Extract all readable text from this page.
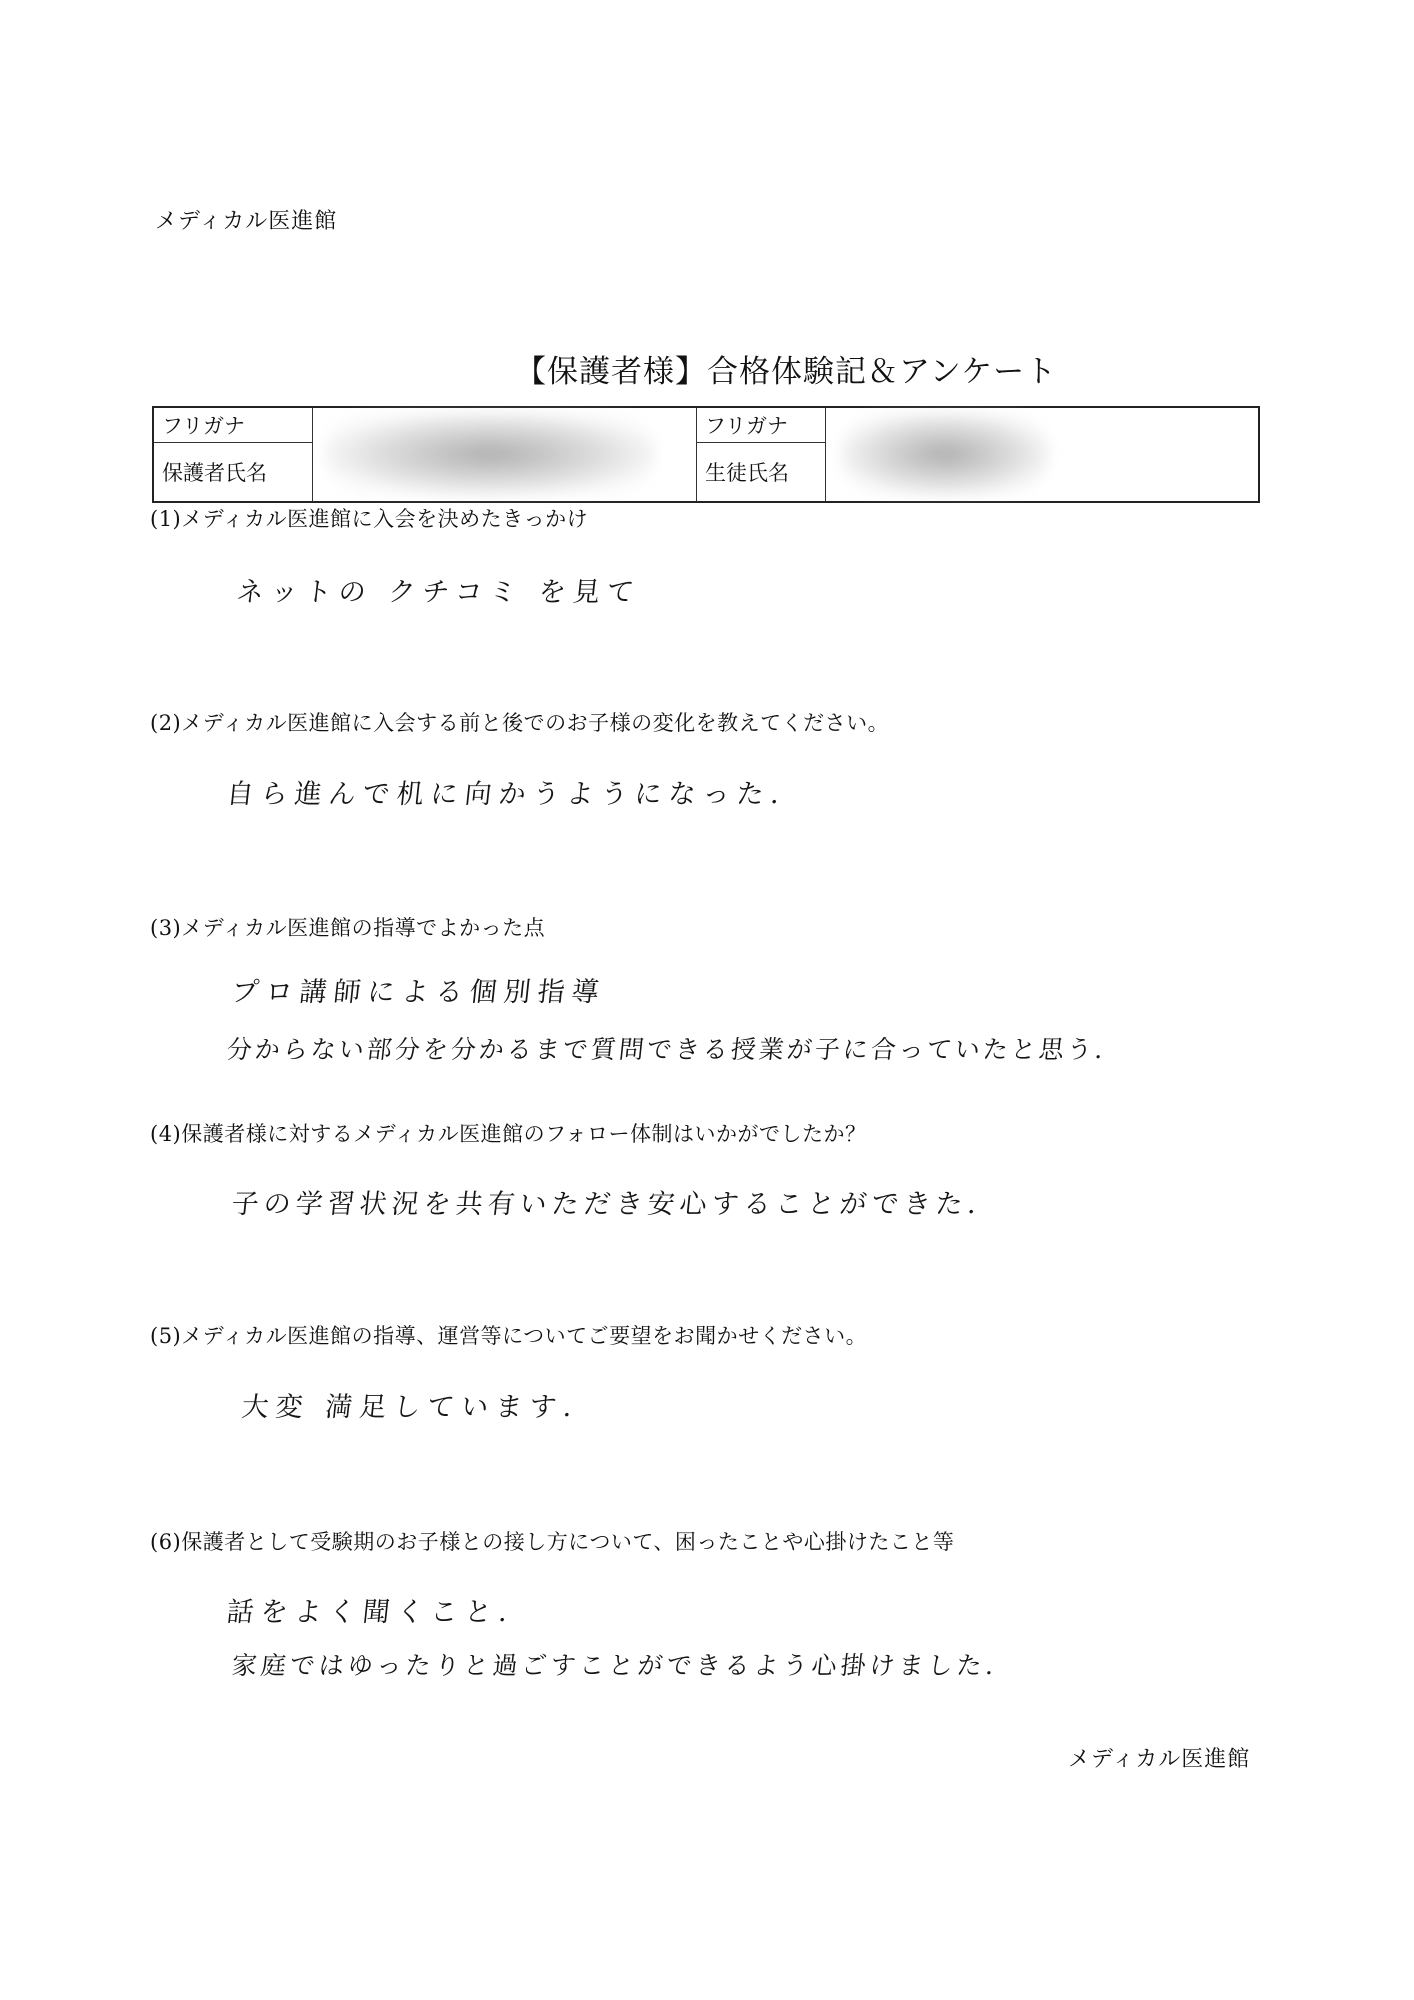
メディカル医進館
【保護者様】合格体験記＆アンケート
フリガナ		フリガナ	

保護者氏名		生徒氏名	
(1)メディカル医進館に入会を決めたきっかけ
ネットの クチコミ を見て
(2)メディカル医進館に入会する前と後でのお子様の変化を教えてください。
自ら進んで机に向かうようになった.
(3)メディカル医進館の指導でよかった点
プロ講師による個別指導
分からない部分を分かるまで質問できる授業が子に合っていたと思う.
(4)保護者様に対するメディカル医進館のフォロー体制はいかがでしたか？
子の学習状況を共有いただき安心することができた.
(5)メディカル医進館の指導、運営等についてご要望をお聞かせください。
大変 満足しています.
(6)保護者として受験期のお子様との接し方について、困ったことや心掛けたこと等
話をよく聞くこと.
家庭ではゆったりと過ごすことができるよう心掛けました.
メディカル医進館
